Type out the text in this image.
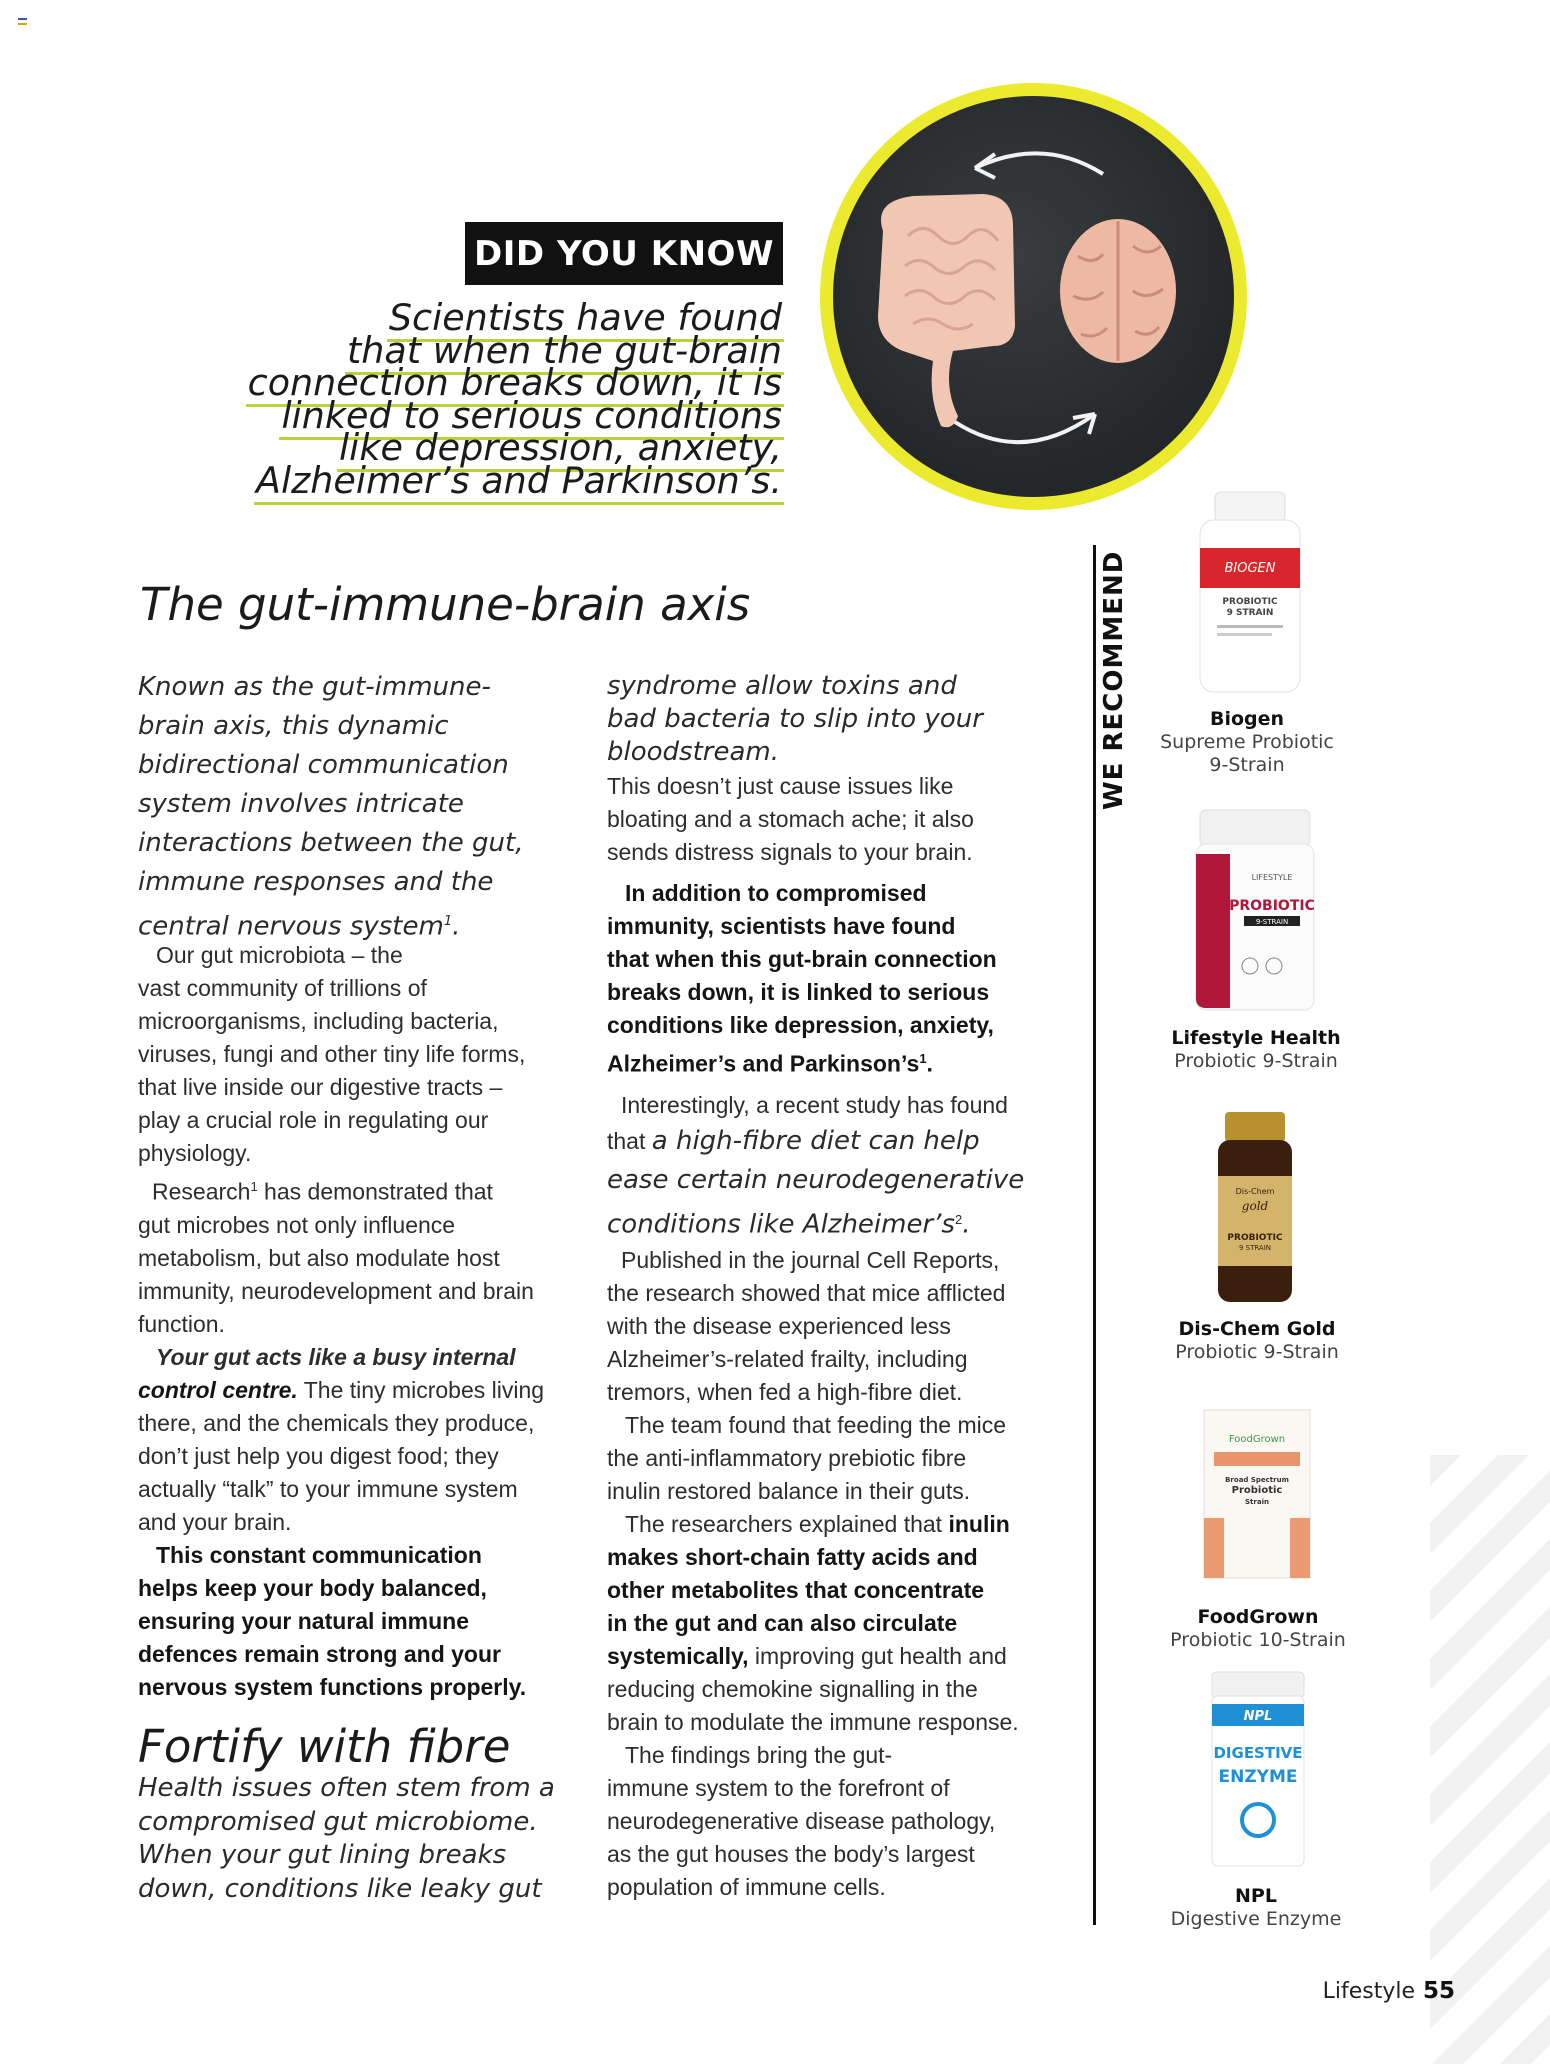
DID YOU KNOW
Scientists have found
that when the gut-brain
connection breaks down, it is
linked to serious conditions
like depression, anxiety,
Alzheimer’s and Parkinson’s.
The gut-immune-brain axis
Known as the gut-immune-
brain axis, this dynamic
bidirectional communication
system involves intricate
interactions between the gut,
immune responses and the
central nervous system$^1$.
Our gut microbiota – the
vast community of trillions of
microorganisms, including bacteria,
viruses, fungi and other tiny life forms,
that live inside our digestive tracts –
play a crucial role in regulating our
physiology.
Research$^1$ has demonstrated that
gut microbes not only influence
metabolism, but also modulate host
immunity, neurodevelopment and brain
function.
Your gut acts like a busy internal
control centre. The tiny microbes living
there, and the chemicals they produce,
don’t just help you digest food; they
actually “talk” to your immune system
and your brain.
This constant communication
helps keep your body balanced,
ensuring your natural immune
defences remain strong and your
nervous system functions properly.
Fortify with fibre
Health issues often stem from a
compromised gut microbiome.
When your gut lining breaks
down, conditions like leaky gut
syndrome allow toxins and
bad bacteria to slip into your
bloodstream.
This doesn’t just cause issues like
bloating and a stomach ache; it also
sends distress signals to your brain.
In addition to compromised
immunity, scientists have found
that when this gut-brain connection
breaks down, it is linked to serious
conditions like depression, anxiety,
Alzheimer’s and $Parkinson’s^1$.
Interestingly, a recent study has found
that a high-fibre diet can help
ease certain neurodegenerative
conditions like $Alzheimer’s^2$.
Published in the journal Cell Reports,
the research showed that mice afflicted
with the disease experienced less
Alzheimer’s-related frailty, including
tremors, when fed a high-fibre diet.
The team found that feeding the mice
the anti-inflammatory prebiotic fibre
inulin restored balance in their guts.
The researchers explained that inulin
makes short-chain fatty acids and
other metabolites that concentrate
in the gut and can also circulate
systemically, improving gut health and
reducing chemokine signalling in the
brain to modulate the immune response.
The findings bring the gut-
immune system to the forefront of
neurodegenerative disease pathology,
as the gut houses the body’s largest
population of immune cells.
WE RECOMMEND	BIOGEN
PROBIOTIC
9 STRAIN
Biogen
Supreme Probiotic
9-Strain
LIFESTYLE
PROBIOTIC
9-STRAIN
Lifestyle Health
Probiotic 9-Strain
Dis-Chem
gold
PROBIOTIC
9 STRAIN
Dis-Chem Gold
Probiotic 9-Strain
FoodGrown
Broad Spectrum
Probiotic
Strain
FoodGrown
Probiotic 10-Strain
NPL
DIGESTIVE
ENZYME
NPL
Digestive Enzyme
Lifestyle 55
